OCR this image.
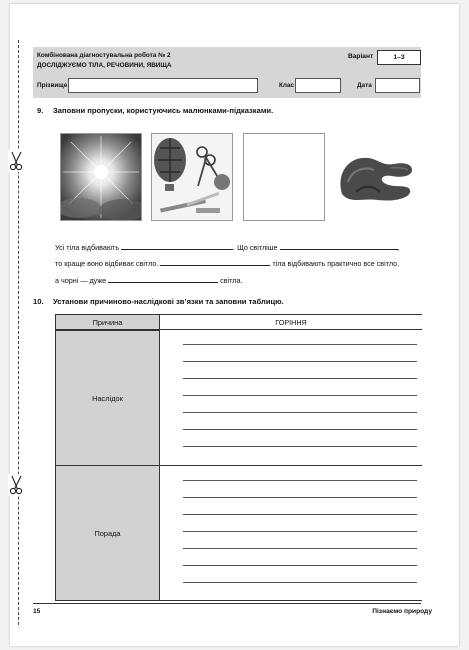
Комбінована діагностувальна робота № 2
ДОСЛІДЖУЄМО ТІЛА, РЕЧОВИНИ, ЯВИЩА
Варіант	1–3
Прізвище	Клас	Дата
9. Заповни пропуски, користуючись малюнками-підказками.
Усі тіла відбивають	. Що світліше	,
то краще воно відбиває світло.	тіла відбивають практично все світло,
а чорні — дуже	світла.
10. Установи причиново-наслідкові зв’язки та заповни таблицю.
Причина	ГОРІННЯ
Наслідок
Порада
15	Пізнаємо природу
